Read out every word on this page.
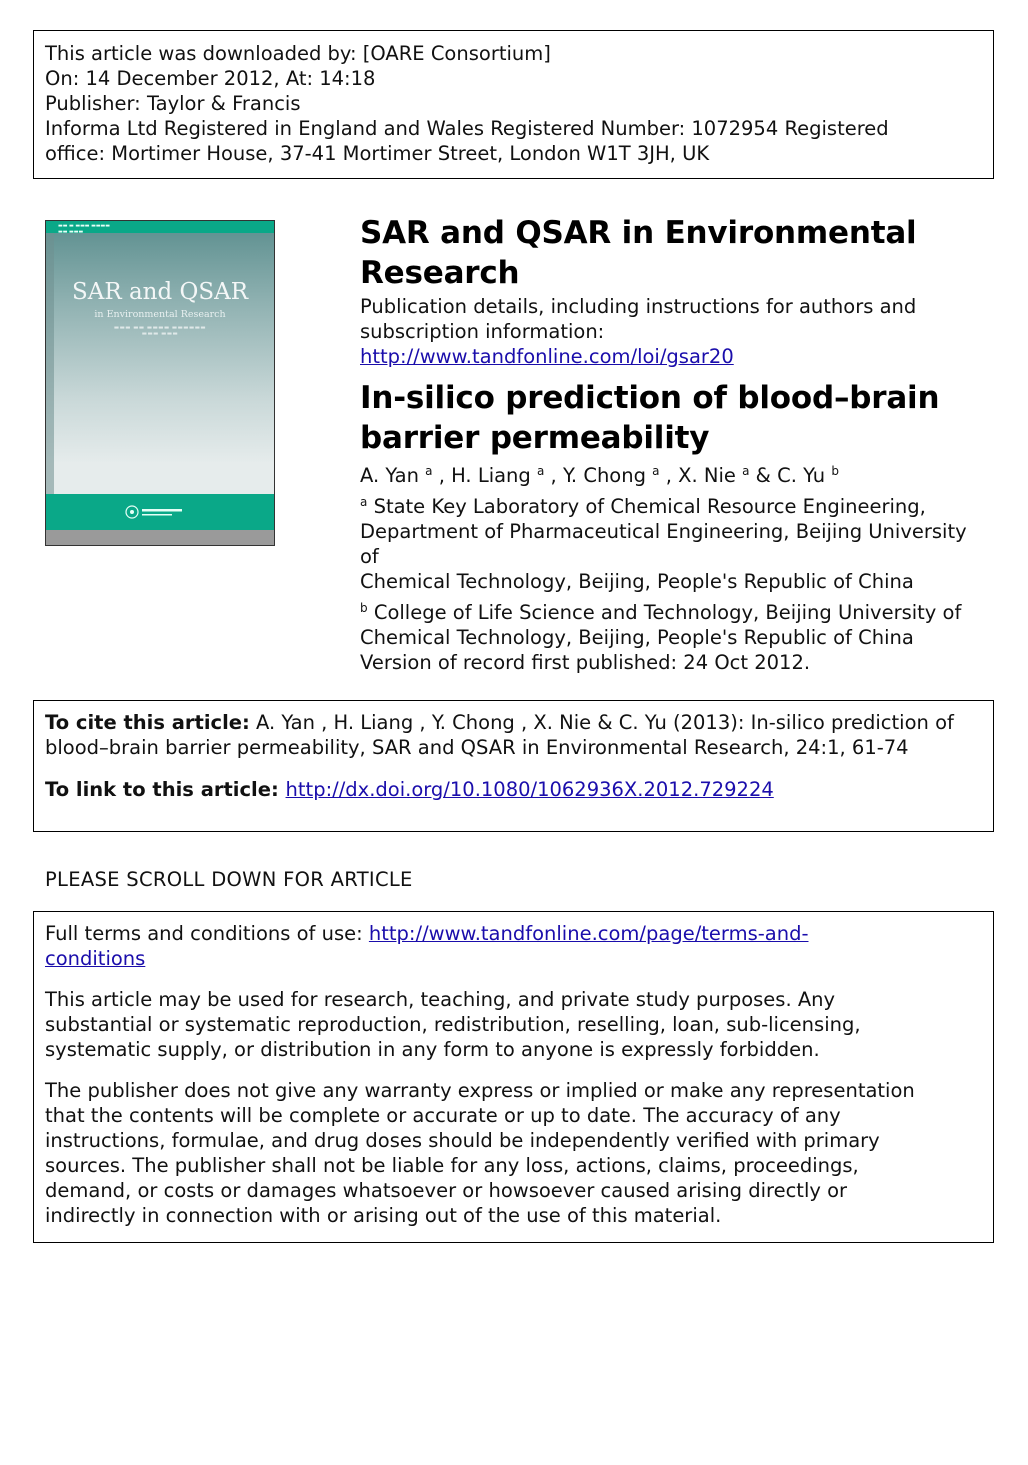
This article was downloaded by: [OARE Consortium]
On: 14 December 2012, At: 14:18
Publisher: Taylor & Francis
Informa Ltd Registered in England and Wales Registered Number: 1072954 Registered
office: Mortimer House, 37-41 Mortimer Street, London W1T 3JH, UK
▬▬ ▬ ▬▬▬ ▬▬▬▬
▬▬ ▬▬▬
SAR and QSAR
in Environmental Research
▬▬▬ ▬▬ ▬▬▬▬ ▬▬▬▬▬▬
▬▬▬ ▬▬▬
SAR and QSAR in Environmental
Research
Publication details, including instructions for authors and
subscription information:
http://www.tandfonline.com/loi/gsar20
In-silico prediction of blood–brain
barrier permeability
A. Yan $^a$ , H. Liang $^a$ , Y. Chong $^a$ , X. Nie $^a$ & C. Yu $^b$
$^a$ State Key Laboratory of Chemical Resource Engineering,
Department of Pharmaceutical Engineering, Beijing University of
Chemical Technology, Beijing, People's Republic of China
$^b$ College of Life Science and Technology, Beijing University of
Chemical Technology, Beijing, People's Republic of China
Version of record first published: 24 Oct 2012.
To cite this article: A. Yan , H. Liang , Y. Chong , X. Nie & C. Yu (2013): In-silico prediction of
blood–brain barrier permeability, SAR and QSAR in Environmental Research, 24:1, 61-74
To link to this article: http://dx.doi.org/10.1080/1062936X.2012.729224
PLEASE SCROLL DOWN FOR ARTICLE

Full terms and conditions of use: http://www.tandfonline.com/page/terms-and-
conditions

This article may be used for research, teaching, and private study purposes. Any
substantial or systematic reproduction, redistribution, reselling, loan, sub-licensing,
systematic supply, or distribution in any form to anyone is expressly forbidden.

The publisher does not give any warranty express or implied or make any representation
that the contents will be complete or accurate or up to date. The accuracy of any
instructions, formulae, and drug doses should be independently verified with primary
sources. The publisher shall not be liable for any loss, actions, claims, proceedings,
demand, or costs or damages whatsoever or howsoever caused arising directly or
indirectly in connection with or arising out of the use of this material.
